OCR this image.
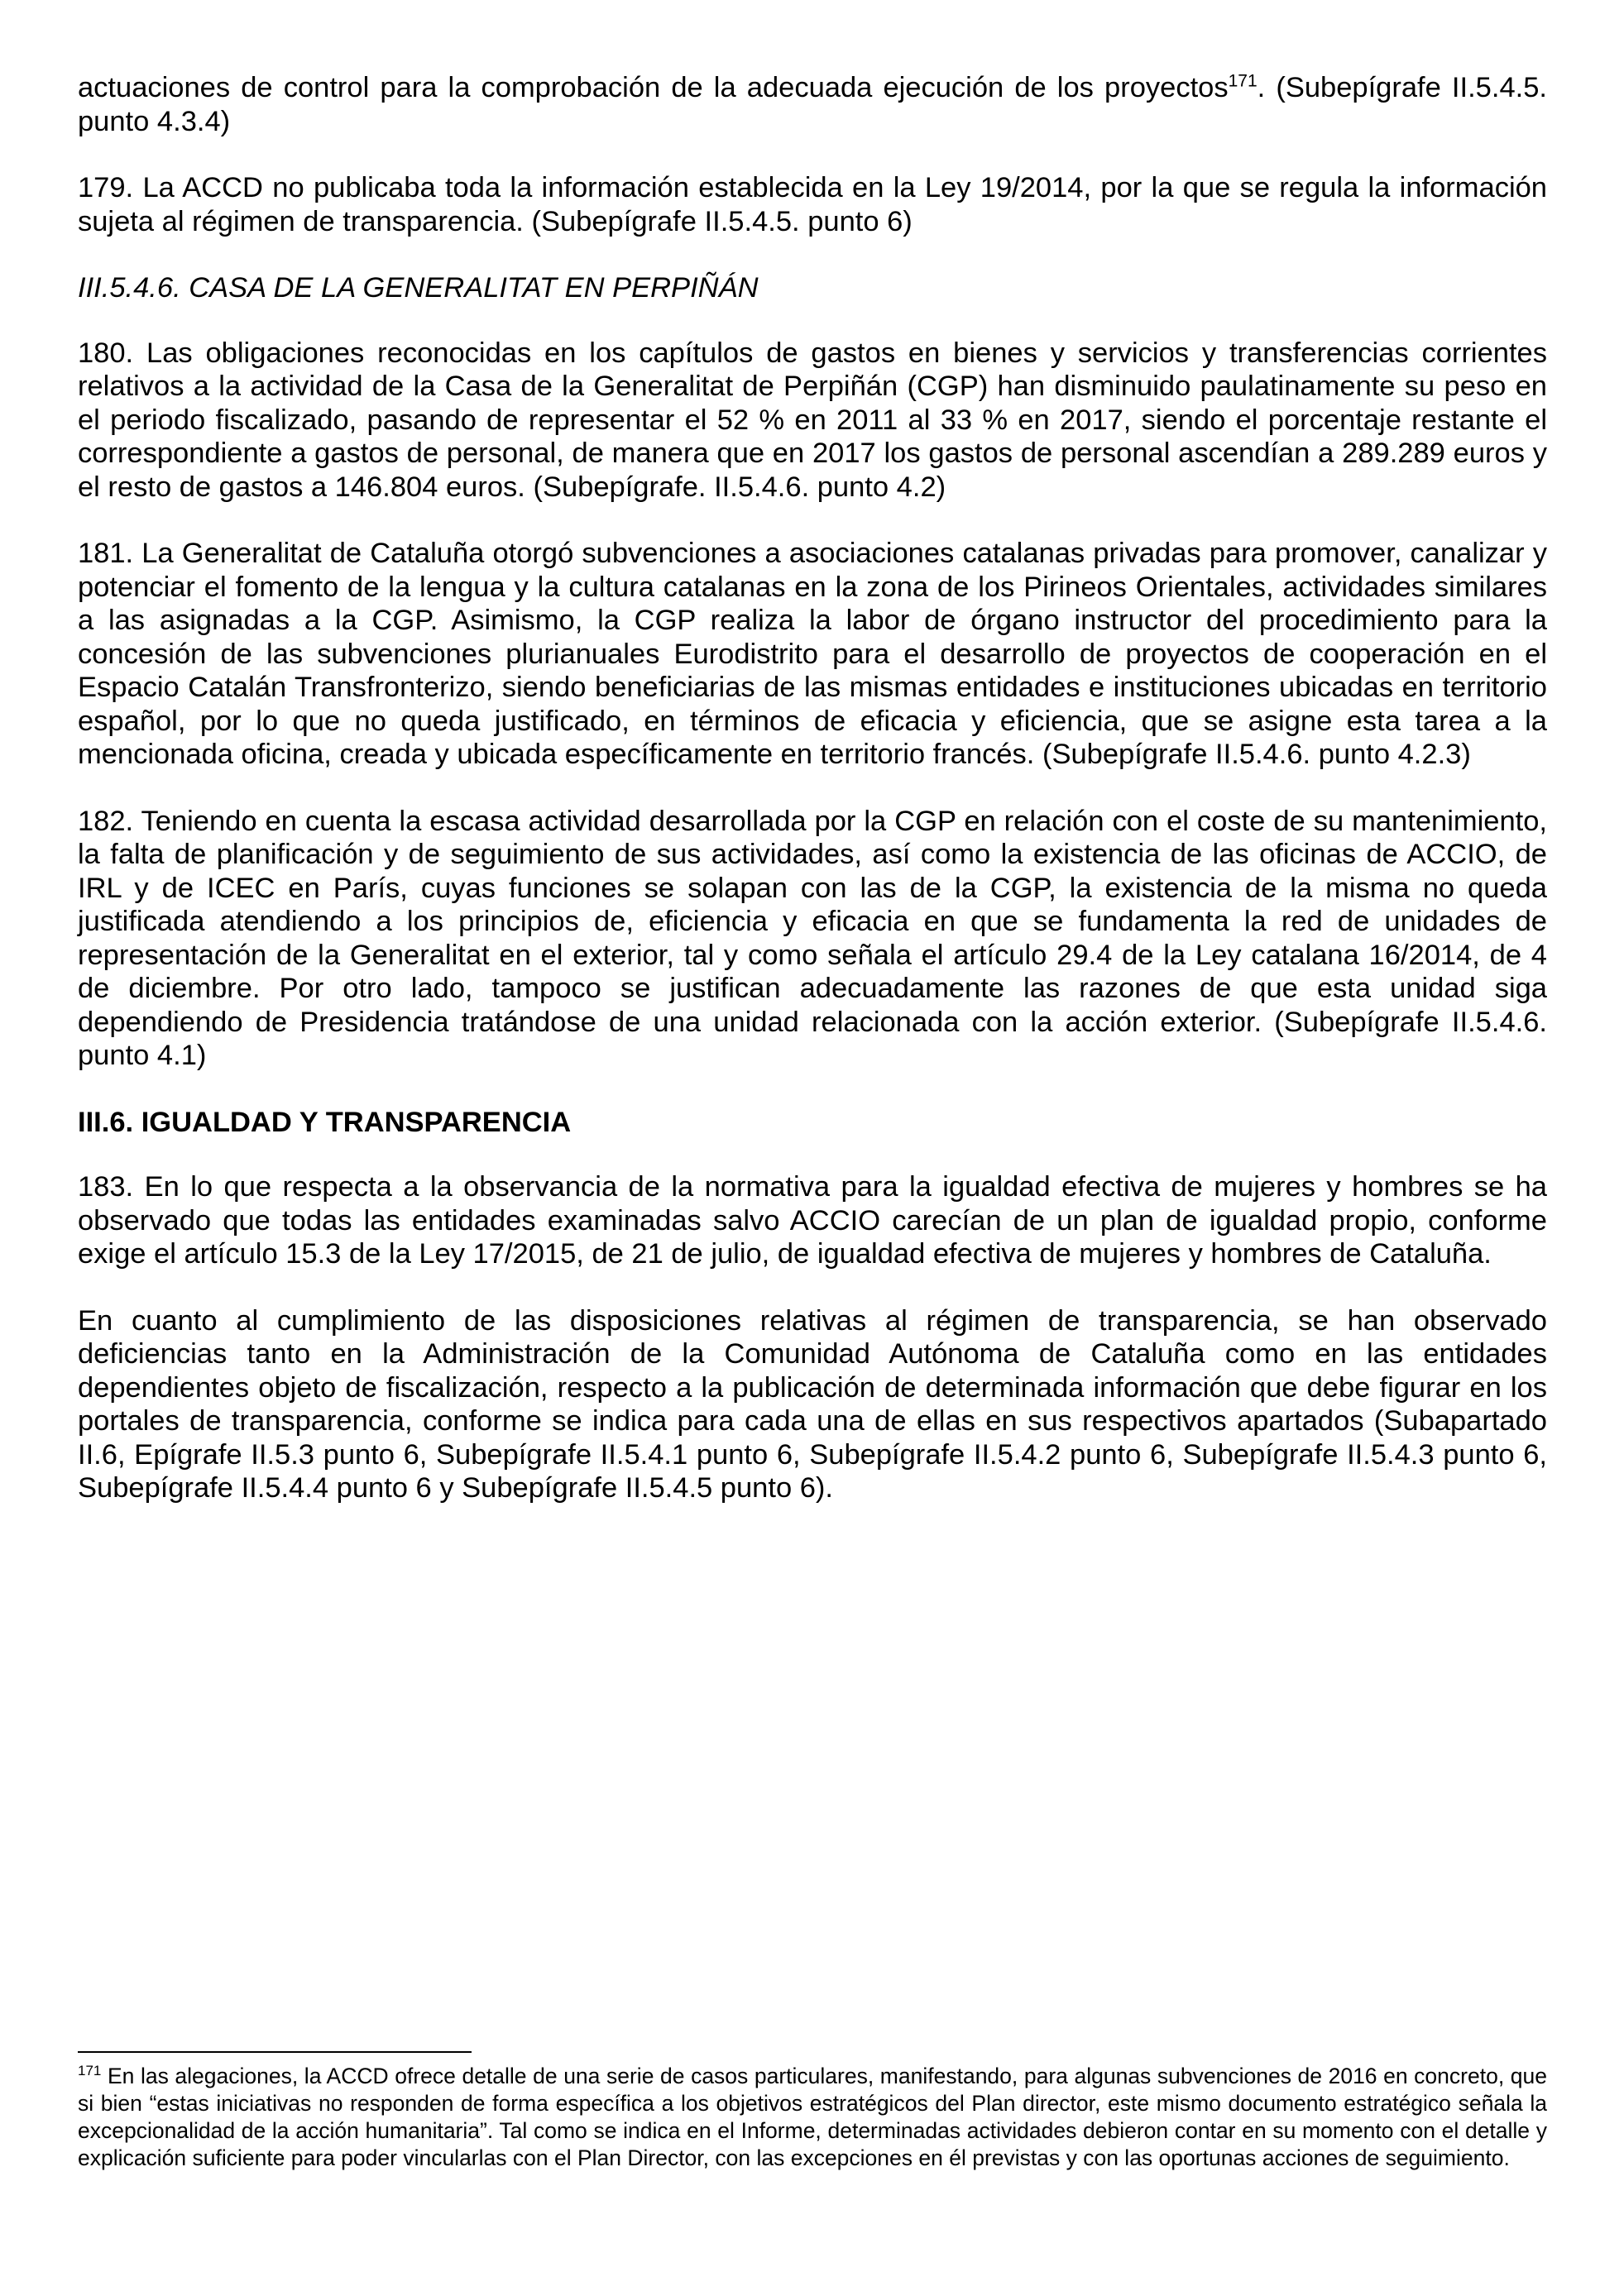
actuaciones de control para la comprobación de la adecuada ejecución de los proyectos$^{171}$. (Subepígrafe II.5.4.5. punto 4.3.4)

179. La ACCD no publicaba toda la información establecida en la Ley 19/2014, por la que se regula la información sujeta al régimen de transparencia. (Subepígrafe II.5.4.5. punto 6)

III.5.4.6. CASA DE LA GENERALITAT EN PERPIÑÁN

180. Las obligaciones reconocidas en los capítulos de gastos en bienes y servicios y transferencias corrientes relativos a la actividad de la Casa de la Generalitat de Perpiñán (CGP) han disminuido paulatinamente su peso en el periodo fiscalizado, pasando de representar el 52 % en 2011 al 33 % en 2017, siendo el porcentaje restante el correspondiente a gastos de personal, de manera que en 2017 los gastos de personal ascendían a 289.289 euros y el resto de gastos a 146.804 euros. (Subepígrafe. II.5.4.6. punto 4.2)

181. La Generalitat de Cataluña otorgó subvenciones a asociaciones catalanas privadas para promover, canalizar y potenciar el fomento de la lengua y la cultura catalanas en la zona de los Pirineos Orientales, actividades similares a las asignadas a la CGP. Asimismo, la CGP realiza la labor de órgano instructor del procedimiento para la concesión de las subvenciones plurianuales Eurodistrito para el desarrollo de proyectos de cooperación en el Espacio Catalán Transfronterizo, siendo beneficiarias de las mismas entidades e instituciones ubicadas en territorio español, por lo que no queda justificado, en términos de eficacia y eficiencia, que se asigne esta tarea a la mencionada oficina, creada y ubicada específicamente en territorio francés. (Subepígrafe II.5.4.6. punto 4.2.3)

182. Teniendo en cuenta la escasa actividad desarrollada por la CGP en relación con el coste de su mantenimiento, la falta de planificación y de seguimiento de sus actividades, así como la existencia de las oficinas de ACCIO, de IRL y de ICEC en París, cuyas funciones se solapan con las de la CGP, la existencia de la misma no queda justificada atendiendo a los principios de, eficiencia y eficacia en que se fundamenta la red de unidades de representación de la Generalitat en el exterior, tal y como señala el artículo 29.4 de la Ley catalana 16/2014, de 4 de diciembre. Por otro lado, tampoco se justifican adecuadamente las razones de que esta unidad siga dependiendo de Presidencia tratándose de una unidad relacionada con la acción exterior. (Subepígrafe II.5.4.6. punto 4.1)

III.6. IGUALDAD Y TRANSPARENCIA

183. En lo que respecta a la observancia de la normativa para la igualdad efectiva de mujeres y hombres se ha observado que todas las entidades examinadas salvo ACCIO carecían de un plan de igualdad propio, conforme exige el artículo 15.3 de la Ley 17/2015, de 21 de julio, de igualdad efectiva de mujeres y hombres de Cataluña.

En cuanto al cumplimiento de las disposiciones relativas al régimen de transparencia, se han observado deficiencias tanto en la Administración de la Comunidad Autónoma de Cataluña como en las entidades dependientes objeto de fiscalización, respecto a la publicación de determinada información que debe figurar en los portales de transparencia, conforme se indica para cada una de ellas en sus respectivos apartados (Subapartado II.6, Epígrafe II.5.3 punto 6, Subepígrafe II.5.4.1 punto 6, Subepígrafe II.5.4.2 punto 6, Subepígrafe II.5.4.3 punto 6, Subepígrafe II.5.4.4 punto 6 y Subepígrafe II.5.4.5 punto 6).

$^{171}$ En las alegaciones, la ACCD ofrece detalle de una serie de casos particulares, manifestando, para algunas subvenciones de 2016 en concreto, que si bien “estas iniciativas no responden de forma específica a los objetivos estratégicos del Plan director, este mismo documento estratégico señala la excepcionalidad de la acción humanitaria”. Tal como se indica en el Informe, determinadas actividades debieron contar en su momento con el detalle y explicación suficiente para poder vincularlas con el Plan Director, con las excepciones en él previstas y con las oportunas acciones de seguimiento.
